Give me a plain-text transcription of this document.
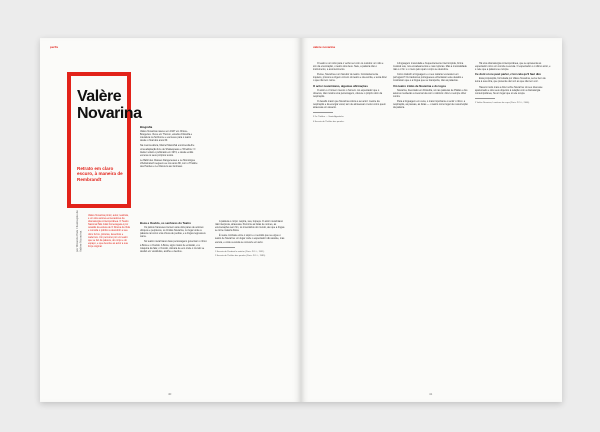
perfis
Valère
Novarina
Retrato em claro escuro, à maneira de Rembrandt
por Ricardo Pais / Ilustração de Valère Novarina
Valère Novarina pintor, autor, teatrista, é um dos autores-encenadores da dramaturgia contemporânea. O Teatro Nacional São João homenageia-o por ocasião da estreia de O Drama da Vida e convida o público a descobrir a sua obra: livros, pinturas, desenhos e cadernos. Um percurso por um teatro que se faz da palavra, do corpo e do espaço, e que devolve ao actor a sua força original.
Biografia

Valère Novarina nasceu em 1947 em Chêne-Bougeries. Viveu em Thonon, estudou Filosofia e Literatura na Sorbonne e escreveu para o teatro desde o final dos anos 60.

Na mesma altura, Marcel Maréchal encomenda-lhe uma adaptação livre de Shakespeare e Tchekhov. O Atelier volant é publicado em 1974, e desde então encena os seus próprios textos.

Le Babil des Classes Dangereuses e Le Monologue d'Adramélech seguem-se nos anos 80, com o Théâtre des Paroles e Le Discours aux Animaux.

Boca e Ouvido, os senhores do Teatro

Os palcos franceses tremem ante dois pares de actores: ubíquos e perplexos, os Irmãos Novarina, no lugar onde a palavra cai como uma chuva de pedras, e a língua regressa à carne.

No teatro novariniano duas personagens governam o ritmo: a Boca e o Ouvido. A Boca, signo maior de emissão, é a máquina da fala; o Ouvido, câmara de eco onde o mundo se desfaz em vocábulos, acolhe e devolve.

A palavra é corpo: respira, sua, tropeça. O actor novariniano não interpreta, atravessa. Percorre as listas de nomes, as enumerações sem fim, os inventários do mundo, até que a língua se torne matéria física.

É neste combate entre o sopro e o sentido que se ergue o teatro de Novarina: um lugar onde o espectador não assiste, mas escuta, e onde a escuta se converte em acto.

1 Excerto de Pendant la matière (Paris: P.O.L., 1991).

2 Excerto de Théâtre des paroles (Paris: P.O.L., 1989).

40
valère novarina

O teatro é um sítio para o verbo ser com os ouvidos: um não e sim da enunciação, o teatro dos deus. Nele, a palavra não é instrumento, é acontecimento.

Pense, Novarina é um fazedor de teatro. Constantemente inquieto, procura a origem comum do teatro e da escrita, e tenta dizer o que não tem nome.

O actor novariniano, algumas afirmações

O actor é o homem menos o homem. Ao espectador que o observa, não mostra uma personagem, oferece o próprio dom da respiração.

O desafio maior que Novarina coloca é ao actor: mestre da respiração e da energia vocal, tem de atravessar o texto como quem atravessa um deserto.

3 De Théâtre — Santo Agostinho.

4 Excerto de Théâtre des paroles.

A linguagem musculada e frequentemente interrompida, forma musical sua, nos encadeamentos e nas rupturas. Mas a musicalidade não é o fim: é o meio pelo qual o corpo se descobre.

Como traduzir a linguagem e o seu carácter excessivo em português? Os tradutores portugueses enfrentaram este desafio e mostraram que é a língua que se transporta, não as palavras.

Um teatro irmão de Novarina e do logos

Novarina, licenciado em Filosofia, vê nas palavras de Platão e dos autores medievais a mesma luta com o silêncio: dizer é sempre dizer contra.

Para a linguagem em cena, o mais importante é sentir o ritmo: a respiração, as pausas, as listas — o teatro como lugar de ressurreição da palavra.

Há uma dramaturgia contemporânea, que se apresenta ao espectador como um convite à escuta. O espectador é o último actor, e é nele que a palavra se cumpre.

Ce dont on ne peut parler, c'est cela qu'il faut dire

Esta proposição, formulada por Valère Novarina, serve bem de lema à sua obra, que pretende dar voz ao que não tem voz.

Haverá muito mais a dizer sobre Novarina: do seu interesse apaixonado e dos seus objectos à relação com a dramaturgia contemporânea, há um lugar que só ele ocupa.

5 Valère Novarina, Lumières du corps (Paris: P.O.L., 2006).

41
